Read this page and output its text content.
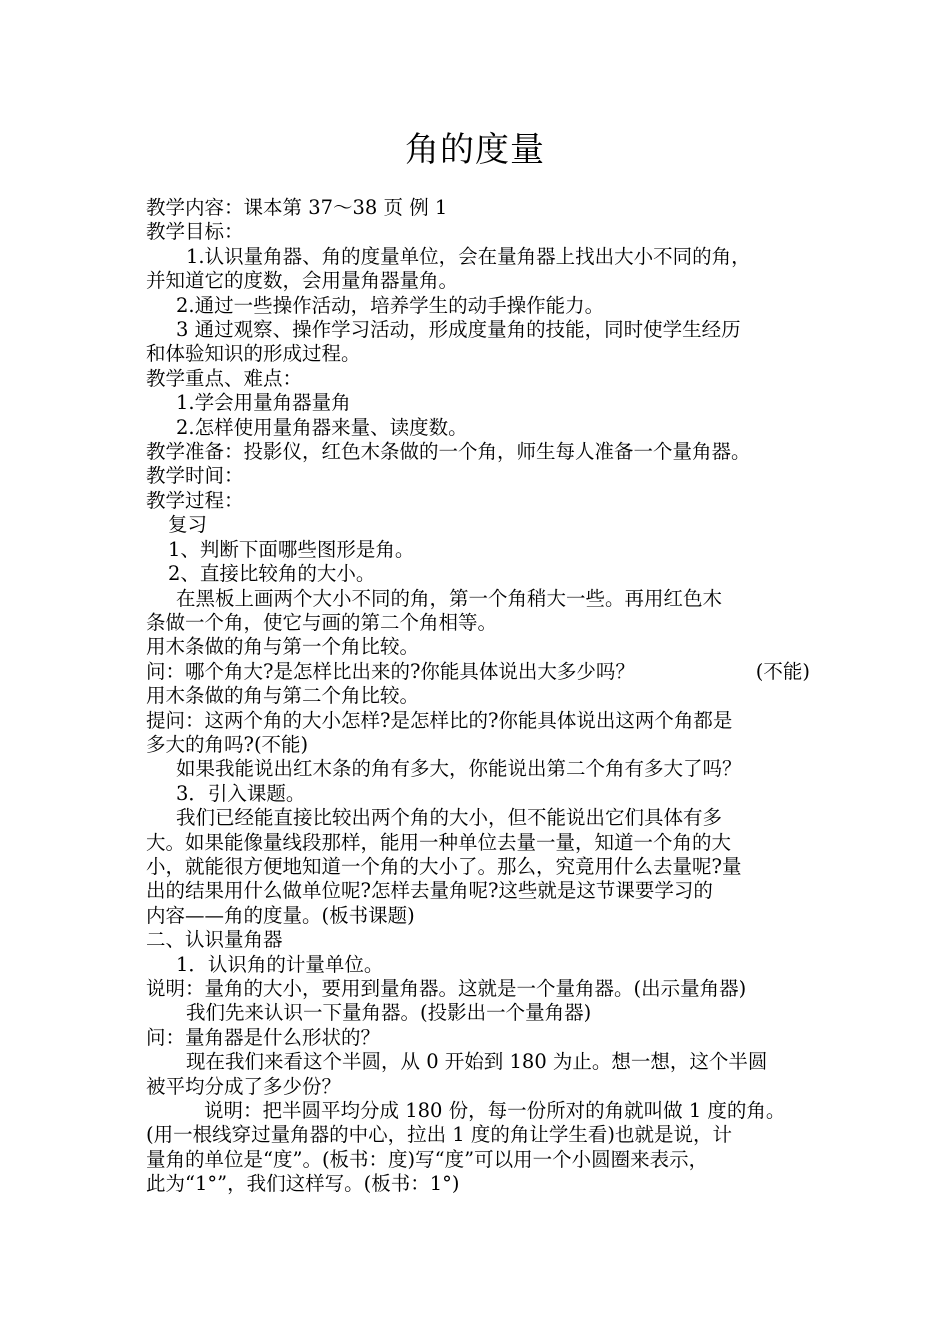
角的度量

教学内容：课本第 37～38 页 例 1

教学目标：

1.认识量角器、角的度量单位，会在量角器上找出大小不同的角，

并知道它的度数，会用量角器量角。

2.通过一些操作活动，培养学生的动手操作能力。

3 通过观察、操作学习活动，形成度量角的技能，同时使学生经历

和体验知识的形成过程。

教学重点、难点：

1.学会用量角器量角

2.怎样使用量角器来量、读度数。

教学准备：投影仪，红色木条做的一个角，师生每人准备一个量角器。

教学时间：

教学过程：

复习

1、判断下面哪些图形是角。

2、直接比较角的大小。

在黑板上画两个大小不同的角，第一个角稍大一些。再用红色木

条做一个角，使它与画的第二个角相等。

用木条做的角与第一个角比较。

问：哪个角大?是怎样比出来的?你能具体说出大多少吗？	(不能)

用木条做的角与第二个角比较。

提问：这两个角的大小怎样?是怎样比的?你能具体说出这两个角都是

多大的角吗?(不能)

如果我能说出红木条的角有多大，你能说出第二个角有多大了吗？

3．引入课题。

我们已经能直接比较出两个角的大小，但不能说出它们具体有多

大。如果能像量线段那样，能用一种单位去量一量，知道一个角的大

小，就能很方便地知道一个角的大小了。那么，究竟用什么去量呢?量

出的结果用什么做单位呢?怎样去量角呢?这些就是这节课要学习的

内容——角的度量。(板书课题)

二、认识量角器

1．认识角的计量单位。

说明：量角的大小，要用到量角器。这就是一个量角器。(出示量角器)

我们先来认识一下量角器。(投影出一个量角器)

问：量角器是什么形状的？

现在我们来看这个半圆，从 0 开始到 180 为止。想一想，这个半圆

被平均分成了多少份？

说明：把半圆平均分成 180 份，每一份所对的角就叫做 1 度的角。

(用一根线穿过量角器的中心，拉出 1 度的角让学生看)也就是说，计

量角的单位是“度”。(板书：度)写“度”可以用一个小圆圈来表示，

此为“1°”，我们这样写。(板书：1°)
